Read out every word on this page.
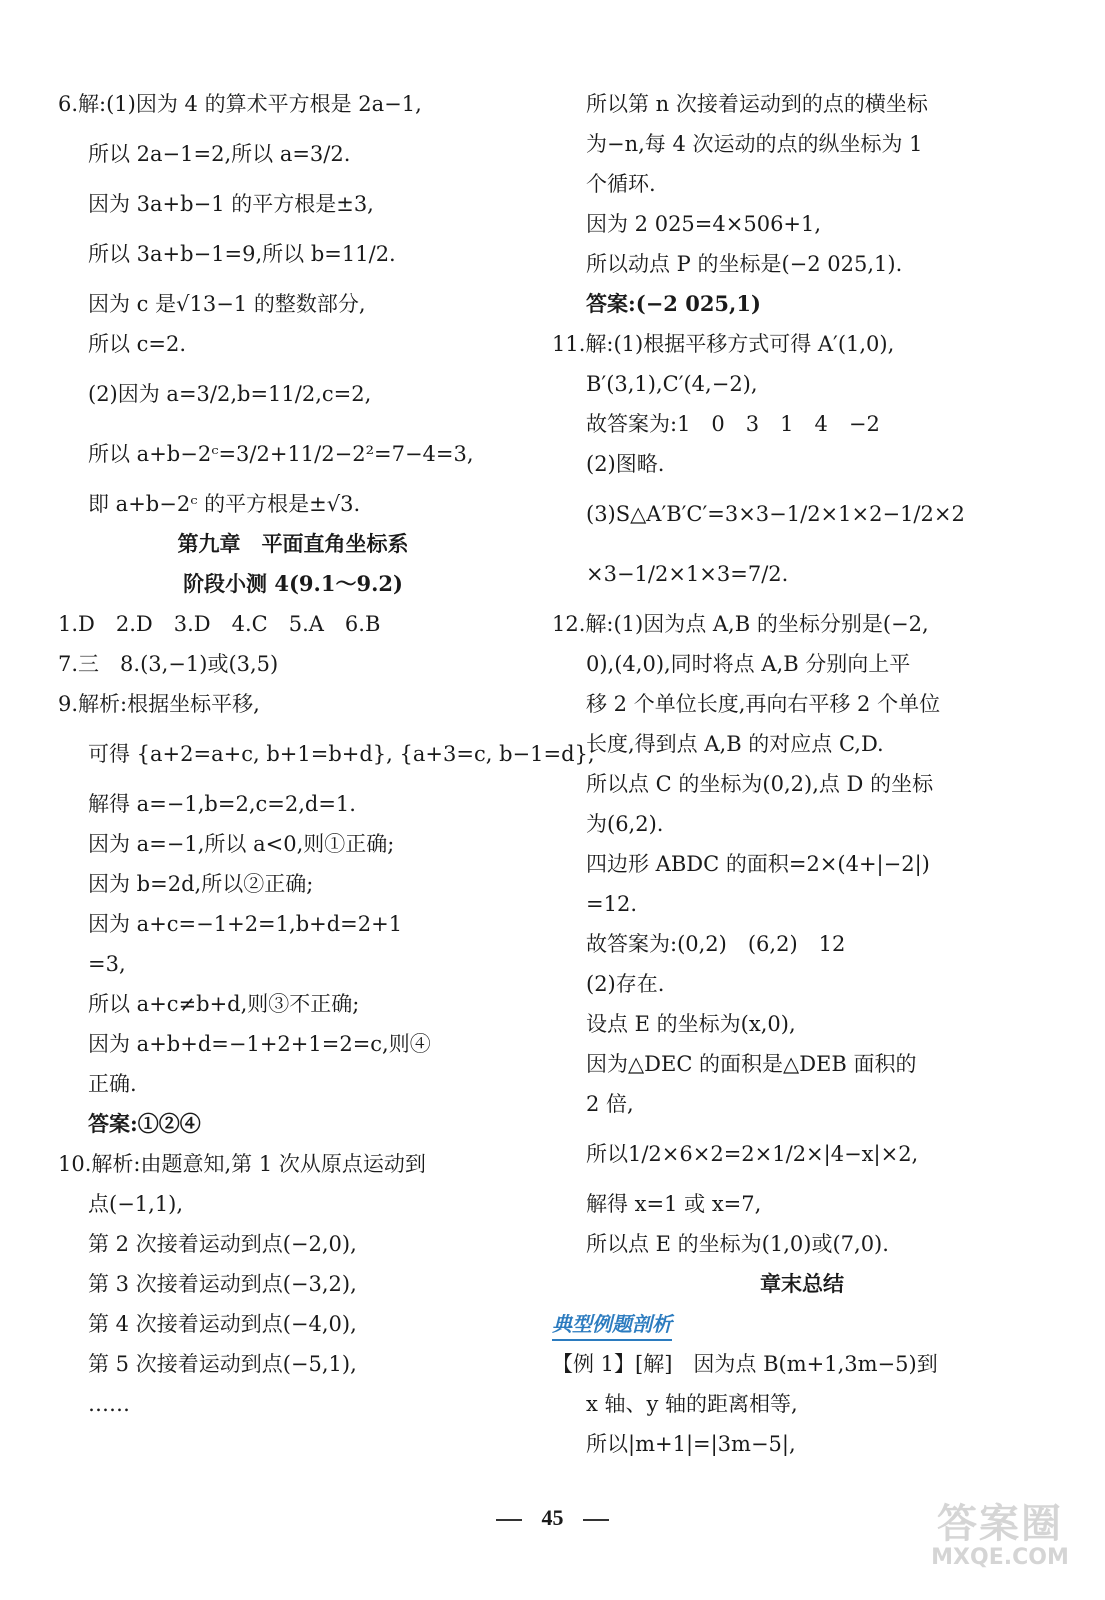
6.解:(1)因为 4 的算术平方根是 2a−1,
所以 2a−1=2,所以 a=3/2.
因为 3a+b−1 的平方根是±3,
所以 3a+b−1=9,所以 b=11/2.
因为 c 是√13−1 的整数部分,
所以 c=2.
(2)因为 a=3/2,b=11/2,c=2,
所以 a+b−2ᶜ=3/2+11/2−2²=7−4=3,
即 a+b−2ᶜ 的平方根是±√3.
第九章　平面直角坐标系
阶段小测 4(9.1～9.2)
1.D　2.D　3.D　4.C　5.A　6.B
7.三　8.(3,−1)或(3,5)
9.解析:根据坐标平移,
可得 {a+2=a+c, b+1=b+d}, {a+3=c, b−1=d},
解得 a=−1,b=2,c=2,d=1.
因为 a=−1,所以 a<0,则①正确;
因为 b=2d,所以②正确;
因为 a+c=−1+2=1,b+d=2+1
=3,
所以 a+c≠b+d,则③不正确;
因为 a+b+d=−1+2+1=2=c,则④
正确.
答案:①②④
10.解析:由题意知,第 1 次从原点运动到
点(−1,1),
第 2 次接着运动到点(−2,0),
第 3 次接着运动到点(−3,2),
第 4 次接着运动到点(−4,0),
第 5 次接着运动到点(−5,1),
……
所以第 n 次接着运动到的点的横坐标
为−n,每 4 次运动的点的纵坐标为 1
个循环.
因为 2 025=4×506+1,
所以动点 P 的坐标是(−2 025,1).
答案:(−2 025,1)
11.解:(1)根据平移方式可得 A′(1,0),
B′(3,1),C′(4,−2),
故答案为:1　0　3　1　4　−2
(2)图略.
(3)S△A′B′C′=3×3−1/2×1×2−1/2×2
×3−1/2×1×3=7/2.
12.解:(1)因为点 A,B 的坐标分别是(−2,
0),(4,0),同时将点 A,B 分别向上平
移 2 个单位长度,再向右平移 2 个单位
长度,得到点 A,B 的对应点 C,D.
所以点 C 的坐标为(0,2),点 D 的坐标
为(6,2).
四边形 ABDC 的面积=2×(4+|−2|)
=12.
故答案为:(0,2)　(6,2)　12
(2)存在.
设点 E 的坐标为(x,0),
因为△DEC 的面积是△DEB 面积的
2 倍,
所以1/2×6×2=2×1/2×|4−x|×2,
解得 x=1 或 x=7,
所以点 E 的坐标为(1,0)或(7,0).
章末总结
典型例题剖析
【例 1】[解]　因为点 B(m+1,3m−5)到
x 轴、y 轴的距离相等,
所以|m+1|=|3m−5|,
45	答案圈
MXQE.COM
